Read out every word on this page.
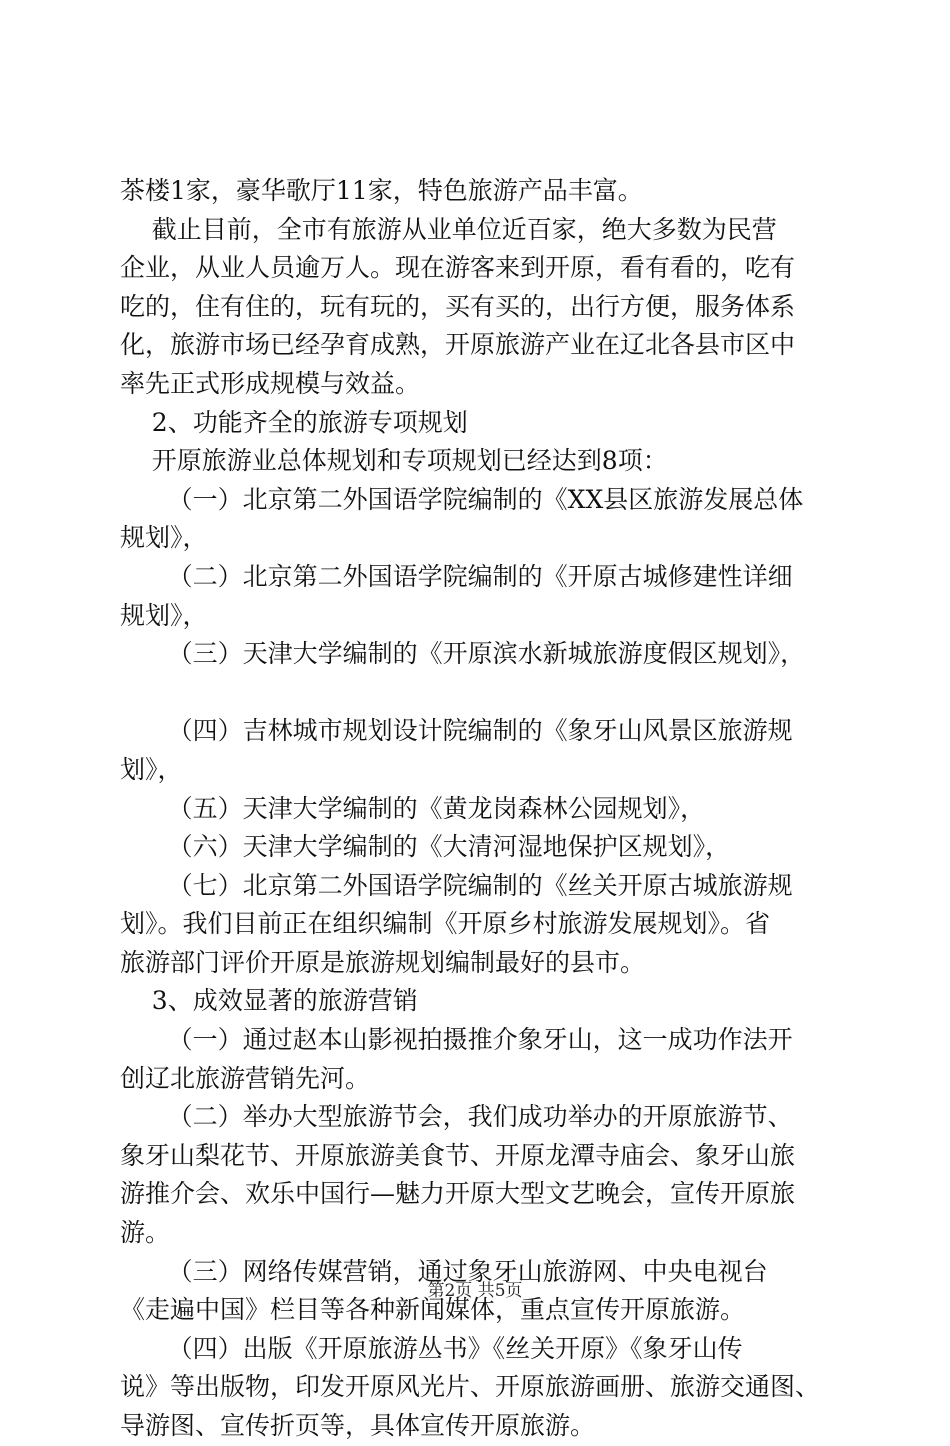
茶楼1家，豪华歌厅11家，特色旅游产品丰富。
截止目前，全市有旅游从业单位近百家，绝大多数为民营
企业，从业人员逾万人。现在游客来到开原，看有看的，吃有
吃的，住有住的，玩有玩的，买有买的，出行方便，服务体系
化，旅游市场已经孕育成熟，开原旅游产业在辽北各县市区中
率先正式形成规模与效益。
2、功能齐全的旅游专项规划
开原旅游业总体规划和专项规划已经达到8项：
（一）北京第二外国语学院编制的《XX县区旅游发展总体
规划》，
（二）北京第二外国语学院编制的《开原古城修建性详细
规划》，
（三）天津大学编制的《开原滨水新城旅游度假区规划》，
（四）吉林城市规划设计院编制的《象牙山风景区旅游规
划》，
（五）天津大学编制的《黄龙岗森林公园规划》，
（六）天津大学编制的《大清河湿地保护区规划》，
（七）北京第二外国语学院编制的《丝关开原古城旅游规
划》。我们目前正在组织编制《开原乡村旅游发展规划》。省
旅游部门评价开原是旅游规划编制最好的县市。
3、成效显著的旅游营销
（一）通过赵本山影视拍摄推介象牙山，这一成功作法开
创辽北旅游营销先河。
（二）举办大型旅游节会，我们成功举办的开原旅游节、
象牙山梨花节、开原旅游美食节、开原龙潭寺庙会、象牙山旅
游推介会、欢乐中国行—魅力开原大型文艺晚会，宣传开原旅
游。
（三）网络传媒营销，通过象牙山旅游网、中央电视台
《走遍中国》栏目等各种新闻媒体，重点宣传开原旅游。
（四）出版《开原旅游丛书》《丝关开原》《象牙山传
说》等出版物，印发开原风光片、开原旅游画册、旅游交通图、
导游图、宣传折页等，具体宣传开原旅游。
第2页 共5页
